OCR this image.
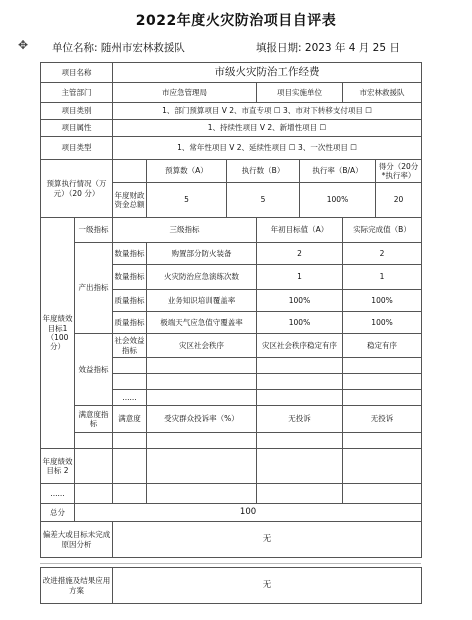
2022年度火灾防治项目自评表
✥ 单位名称: 随州市宏林救援队	填报日期: 2023 年 4 月 25 日
项目名称		市级火灾防治工作经费							
主管部门		市应急管理局			项目实施单位		市宏林救援队		
项目类别		1、部门预算项目 V 2、市直专项 ☐ 3、市对下转移支付项目 ☐							
项目属性		1、持续性项目 V 2、新增性项目 ☐							
项目类型		1、常年性项目 V 2、延续性项目 ☐ 3、一次性项目 ☐							
预算执行情况（万元）（20 分）			预算数（A）	执行数（B）		执行率（B/A）		得分（20分*执行率）	
		年度财政资金总额	5	5		100%		20	
年度绩效目标1（100分）	一级指标	三级指标			年初目标值（A）		实际完成值（B）	
	产出指标	数量指标	购置部分防火装备		2		2	
		数量指标	火灾防治应急演练次数		1		1	
		质量指标	业务知识培训覆盖率		100%		100%	
		质量指标	极端天气应急值守覆盖率		100%		100%	
	效益指标	社会效益指标	灾区社会秩序		灾区社会秩序稳定有序		稳定有序	

		......							
	满意度指标	满意度	受灾群众投诉率（%）		无投诉		无投诉		

年度绩效目标 2									
......									
总分	100								
偏差大或目标未完成原因分析		无							
改进措施及结果应用方案	无
